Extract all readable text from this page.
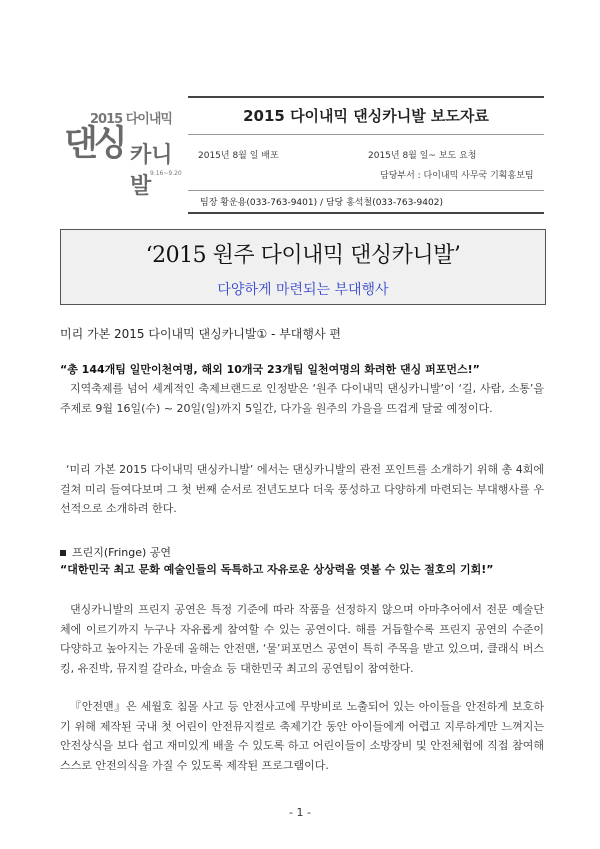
2015 다이내믹
댄싱 카니발
9.16~9.20
2015 다이내믹 댄싱카니발 보도자료
2015년 8월 일 배포	2015년 8월 일~ 보도 요청
담당부서 : 다이내믹 사무국 기획홍보팀
팀장 황운용(033-763-9401) / 담당 홍석철(033-763-9402)
‘2015 원주 다이내믹 댄싱카니발’
다양하게 마련되는 부대행사
미리 가본 2015 다이내믹 댄싱카니발① - 부대행사 편
“총 144개팀 일만이천여명, 해외 10개국 23개팀 일천여명의 화려한 댄싱 퍼포먼스!”
지역축제를 넘어 세계적인 축제브랜드로 인정받은 ‘원주 다이내믹 댄싱카니발’이 ‘길, 사람, 소통’을 주제로 9월 16일(수) ~ 20일(일)까지 5일간, 다가올 원주의 가을을 뜨겁게 달굴 예정이다.
‘미리 가본 2015 다이내믹 댄싱카니발’ 에서는 댄싱카니발의 관전 포인트를 소개하기 위해 총 4회에 걸쳐 미리 들여다보며 그 첫 번째 순서로 전년도보다 더욱 풍성하고 다양하게 마련되는 부대행사를 우선적으로 소개하려 한다.
프린지(Fringe) 공연
“대한민국 최고 문화 예술인들의 독특하고 자유로운 상상력을 엿볼 수 있는 절호의 기회!”
댄싱카니발의 프린지 공연은 특정 기준에 따라 작품을 선정하지 않으며 아마추어에서 전문 예술단체에 이르기까지 누구나 자유롭게 참여할 수 있는 공연이다. 해를 거듭할수록 프린지 공연의 수준이 다양하고 높아지는 가운데 올해는 안전맨, ‘물’퍼포먼스 공연이 특히 주목을 받고 있으며, 클래식 버스킹, 유진박, 뮤지컬 갈라쇼, 마술쇼 등 대한민국 최고의 공연팀이 참여한다.
『안전맨』은 세월호 침몰 사고 등 안전사고에 무방비로 노출되어 있는 아이들을 안전하게 보호하기 위해 제작된 국내 첫 어린이 안전뮤지컬로 축제기간 동안 아이들에게 어렵고 지루하게만 느껴지는 안전상식을 보다 쉽고 재미있게 배울 수 있도록 하고 어린이들이 소방장비 및 안전체험에 직접 참여해 스스로 안전의식을 가질 수 있도록 제작된 프로그램이다.
- 1 -
